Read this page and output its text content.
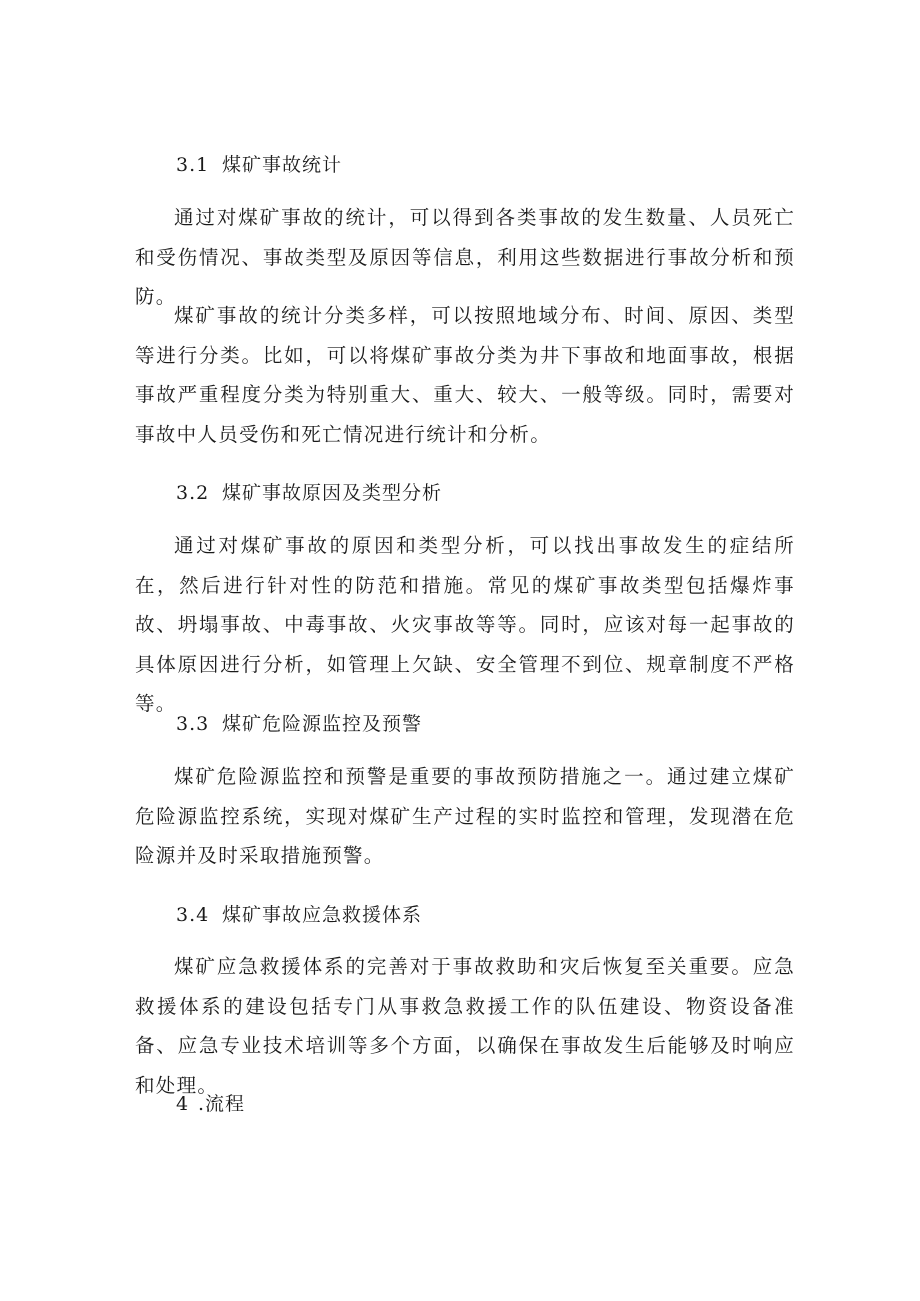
3.1 煤矿事故统计

通过对煤矿事故的统计，可以得到各类事故的发生数量、人员死亡和受伤情况、事故类型及原因等信息，利用这些数据进行事故分析和预防。

煤矿事故的统计分类多样，可以按照地域分布、时间、原因、类型等进行分类。比如，可以将煤矿事故分类为井下事故和地面事故，根据事故严重程度分类为特别重大、重大、较大、一般等级。同时，需要对事故中人员受伤和死亡情况进行统计和分析。

3.2 煤矿事故原因及类型分析

通过对煤矿事故的原因和类型分析，可以找出事故发生的症结所在，然后进行针对性的防范和措施。常见的煤矿事故类型包括爆炸事故、坍塌事故、中毒事故、火灾事故等等。同时，应该对每一起事故的具体原因进行分析，如管理上欠缺、安全管理不到位、规章制度不严格等。

3.3 煤矿危险源监控及预警

煤矿危险源监控和预警是重要的事故预防措施之一。通过建立煤矿危险源监控系统，实现对煤矿生产过程的实时监控和管理，发现潜在危险源并及时采取措施预警。

3.4 煤矿事故应急救援体系

煤矿应急救援体系的完善对于事故救助和灾后恢复至关重要。应急救援体系的建设包括专门从事救急救援工作的队伍建设、物资设备准备、应急专业技术培训等多个方面，以确保在事故发生后能够及时响应和处理。

4 .流程
